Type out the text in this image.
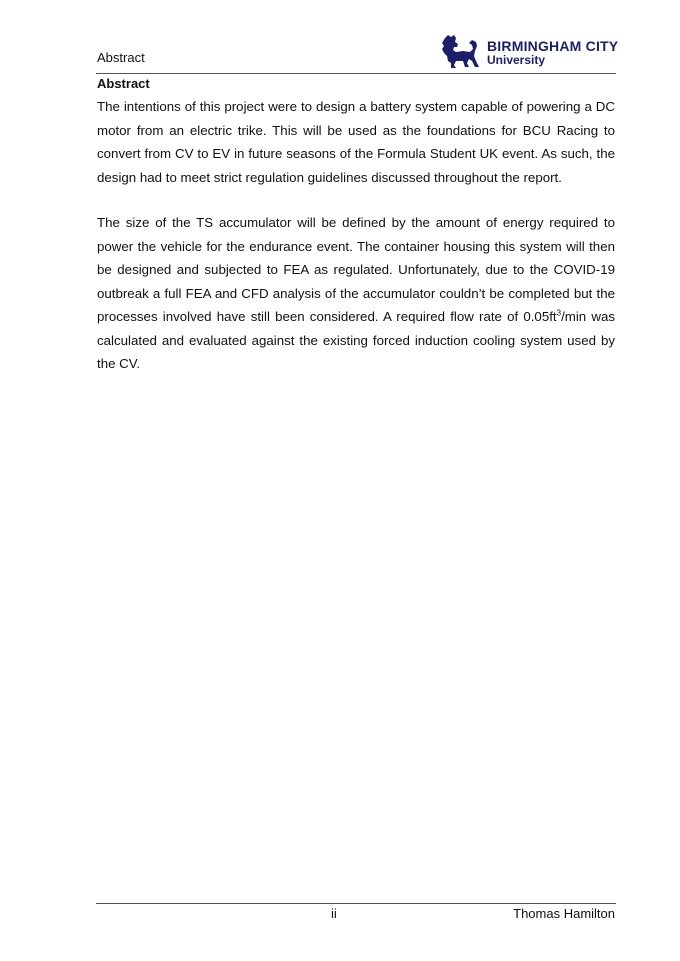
Abstract
BIRMINGHAM CITY
University
Abstract

The intentions of this project were to design a battery system capable of powering a DC motor from an electric trike. This will be used as the foundations for BCU Racing to convert from CV to EV in future seasons of the Formula Student UK event. As such, the design had to meet strict regulation guidelines discussed throughout the report.

The size of the TS accumulator will be defined by the amount of energy required to power the vehicle for the endurance event. The container housing this system will then be designed and subjected to FEA as regulated. Unfortunately, due to the COVID-19 outbreak a full FEA and CFD analysis of the accumulator couldn’t be completed but the processes involved have still been considered. A required flow rate of $0.05ft^3/\min$ was calculated and evaluated against the existing forced induction cooling system used by the CV.

ii	Thomas Hamilton
